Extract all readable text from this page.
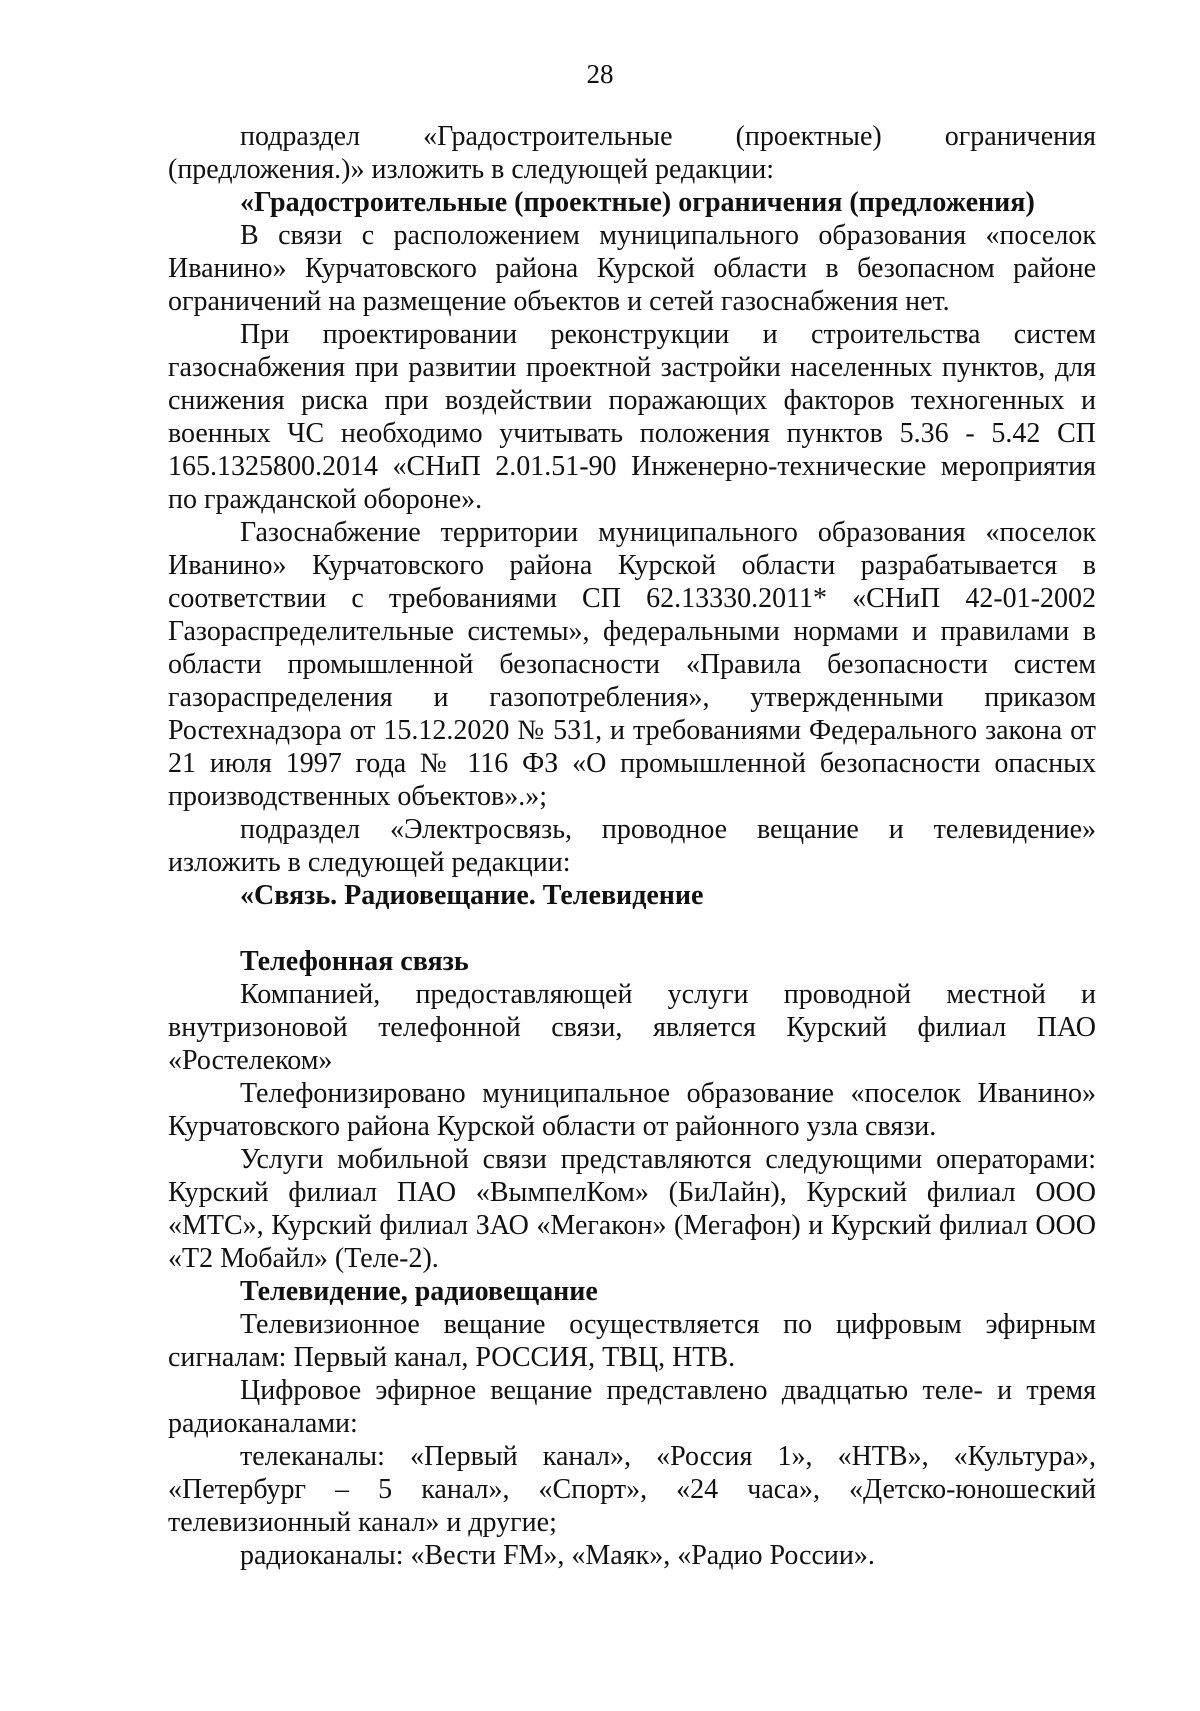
28

подраздел «Градостроительные (проектные) ограничения (предложения.)» изложить в следующей редакции:

«Градостроительные (проектные) ограничения (предложения)

В связи с расположением муниципального образования «поселок Иванино» Курчатовского района Курской области в безопасном районе ограничений на размещение объектов и сетей газоснабжения нет.

При проектировании реконструкции и строительства систем газоснабжения при развитии проектной застройки населенных пунктов, для снижения риска при воздействии поражающих факторов техногенных и военных ЧС необходимо учитывать положения пунктов 5.36 - 5.42 СП 165.1325800.2014 «СНиП 2.01.51-90 Инженерно-технические мероприятия по гражданской обороне».

Газоснабжение территории муниципального образования «поселок Иванино» Курчатовского района Курской области разрабатывается в соответствии с требованиями СП 62.13330.2011* «СНиП 42-01-2002 Газораспределительные системы», федеральными нормами и правилами в области промышленной безопасности «Правила безопасности систем газораспределения и газопотребления», утвержденными приказом Ростехнадзора от 15.12.2020 № 531, и требованиями Федерального закона от 21 июля 1997 года № 116 ФЗ «О промышленной безопасности опасных производственных объектов».»;

подраздел «Электросвязь, проводное вещание и телевидение» изложить в следующей редакции:

«Связь. Радиовещание. Телевидение

Телефонная связь

Компанией, предоставляющей услуги проводной местной и внутризоновой телефонной связи, является Курский филиал ПАО «Ростелеком»

Телефонизировано муниципальное образование «поселок Иванино» Курчатовского района Курской области от районного узла связи.

Услуги мобильной связи представляются следующими операторами: Курский филиал ПАО «ВымпелКом» (БиЛайн), Курский филиал ООО «МТС», Курский филиал ЗАО «Мегакон» (Мегафон) и Курский филиал ООО «Т2 Мобайл» (Теле-2).

Телевидение, радиовещание

Телевизионное вещание осуществляется по цифровым эфирным сигналам: Первый канал, РОССИЯ, ТВЦ, НТВ.

Цифровое эфирное вещание представлено двадцатью теле- и тремя радиоканалами:

телеканалы: «Первый канал», «Россия 1», «НТВ», «Культура», «Петербург – 5 канал», «Спорт», «24 часа», «Детско-юношеский телевизионный канал» и другие;

радиоканалы: «Вести FM», «Маяк», «Радио России».
